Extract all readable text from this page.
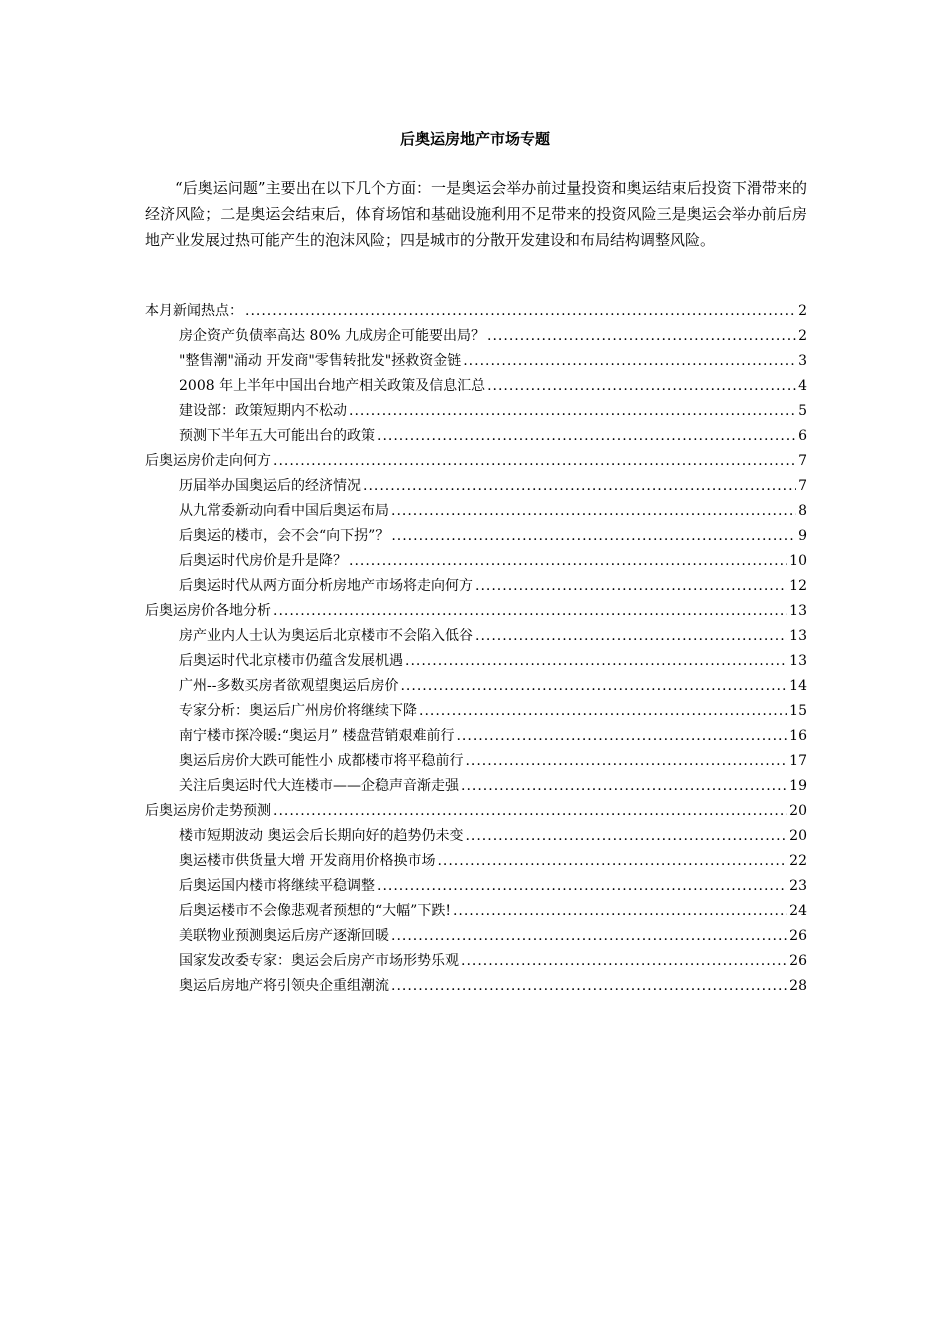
后奥运房地产市场专题
“后奥运问题”主要出在以下几个方面：一是奥运会举办前过量投资和奥运结束后投资下滑带来的经济风险；二是奥运会结束后，体育场馆和基础设施利用不足带来的投资风险三是奥运会举办前后房地产业发展过热可能产生的泡沫风险；四是城市的分散开发建设和布局结构调整风险。
本月新闻热点： .....	2
房企资产负债率高达 80% 九成房企可能要出局？ .....	2
"整售潮"涌动 开发商"零售转批发"拯救资金链 .....	3
2008 年上半年中国出台地产相关政策及信息汇总 .....	4
建设部：政策短期内不松动 .....	5
预测下半年五大可能出台的政策 .....	6
后奥运房价走向何方 .....	7
历届举办国奥运后的经济情况 .....	7
从九常委新动向看中国后奥运布局 .....	8
后奥运的楼市，会不会“向下拐”？ .....	9
后奥运时代房价是升是降？ .....	10
后奥运时代从两方面分析房地产市场将走向何方 .....	12
后奥运房价各地分析 .....	13
房产业内人士认为奥运后北京楼市不会陷入低谷 .....	13
后奥运时代北京楼市仍蕴含发展机遇 .....	13
广州--多数买房者欲观望奥运后房价 .....	14
专家分析：奥运后广州房价将继续下降 .....	15
南宁楼市探冷暖:“奥运月” 楼盘营销艰难前行 .....	16
奥运后房价大跌可能性小 成都楼市将平稳前行 .....	17
关注后奥运时代大连楼市——企稳声音渐走强 .....	19
后奥运房价走势预测 .....	20
楼市短期波动 奥运会后长期向好的趋势仍未变 .....	20
奥运楼市供货量大增 开发商用价格换市场 .....	22
后奥运国内楼市将继续平稳调整 .....	23
后奥运楼市不会像悲观者预想的“大幅”下跌! .....	24
美联物业预测奥运后房产逐渐回暖 .....	26
国家发改委专家：奥运会后房产市场形势乐观 .....	26
奥运后房地产将引领央企重组潮流 .....	28
